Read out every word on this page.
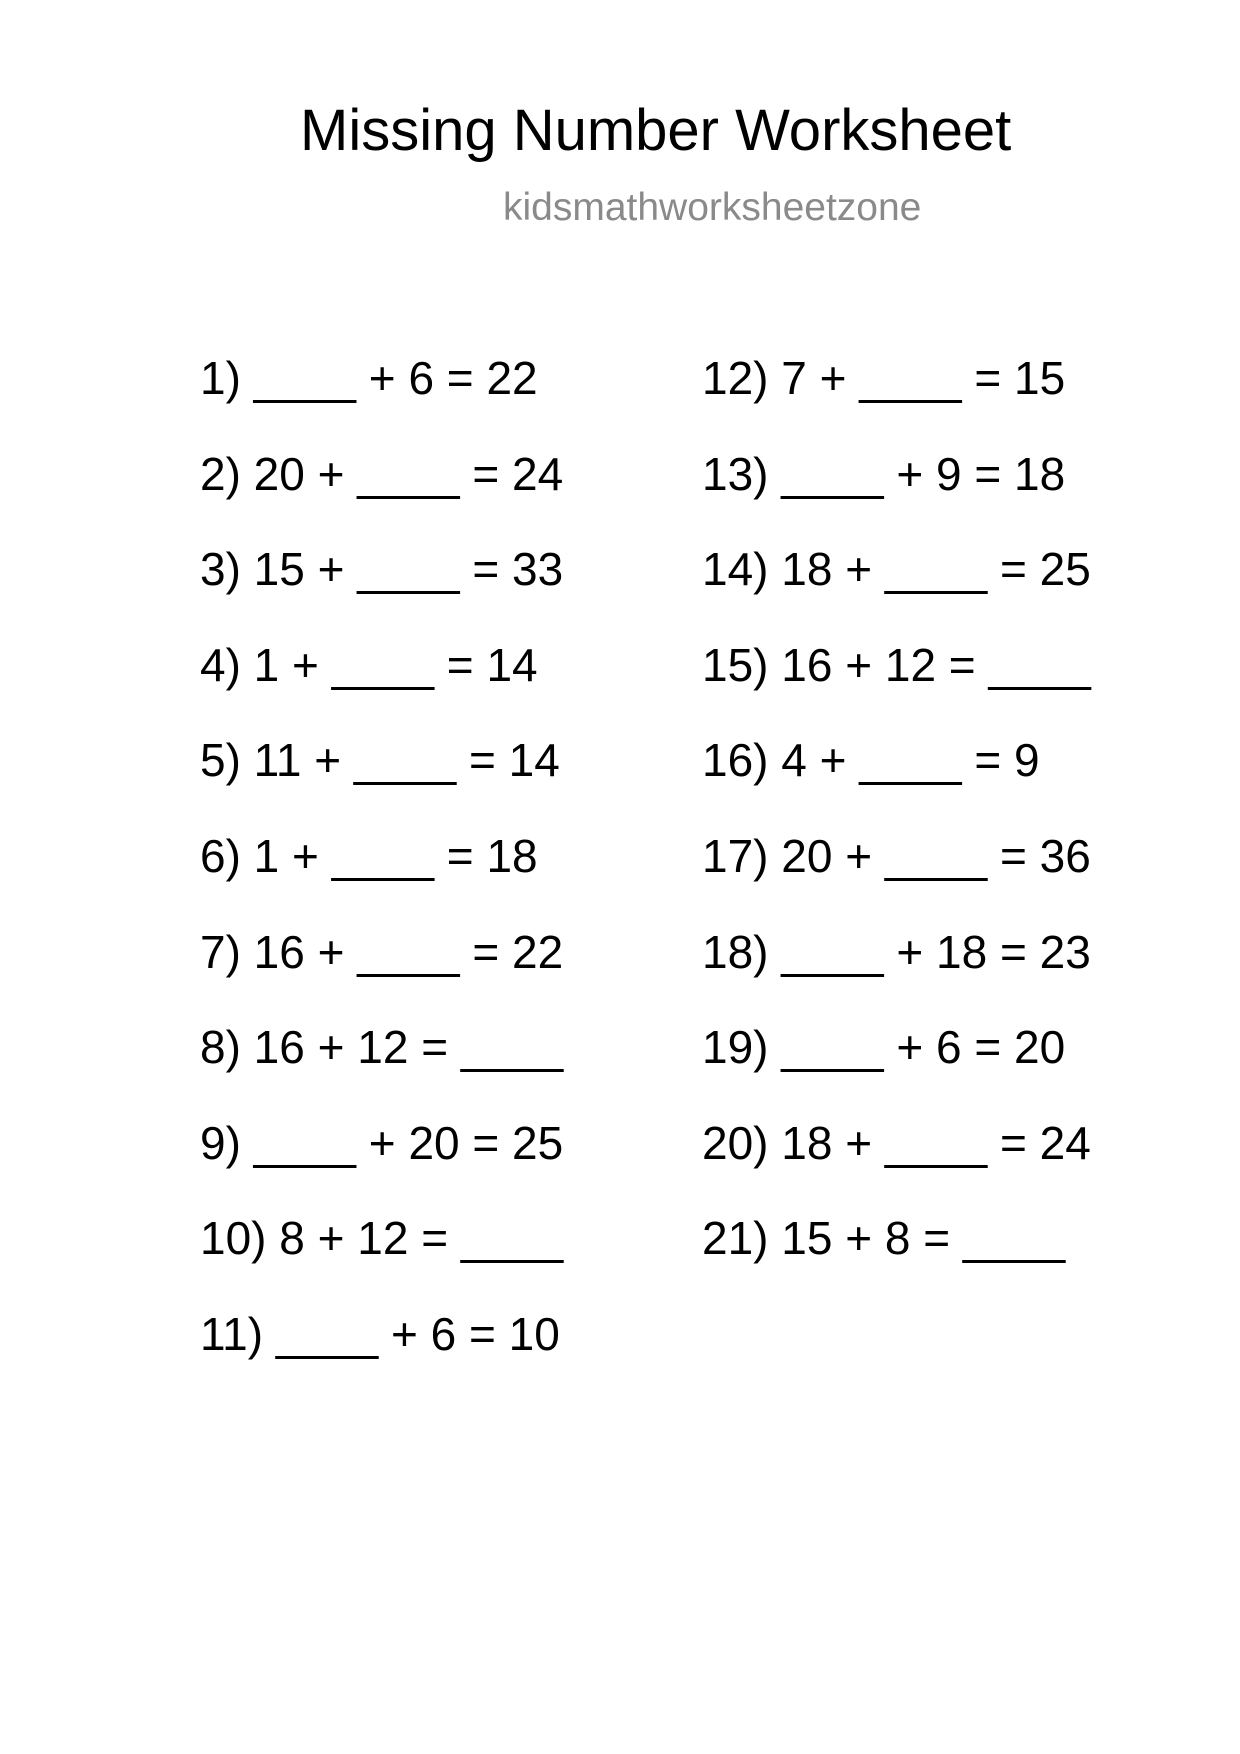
Missing Number Worksheet
kidsmathworksheetzone
1) ____ + 6 = 22
2) 20 + ____ = 24
3) 15 + ____ = 33
4) 1 + ____ = 14
5) 11 + ____ = 14
6) 1 + ____ = 18
7) 16 + ____ = 22
8) 16 + 12 = ____
9) ____ + 20 = 25
10) 8 + 12 = ____
11) ____ + 6 = 10
12) 7 + ____ = 15
13) ____ + 9 = 18
14) 18 + ____ = 25
15) 16 + 12 = ____
16) 4 + ____ = 9
17) 20 + ____ = 36
18) ____ + 18 = 23
19) ____ + 6 = 20
20) 18 + ____ = 24
21) 15 + 8 = ____
